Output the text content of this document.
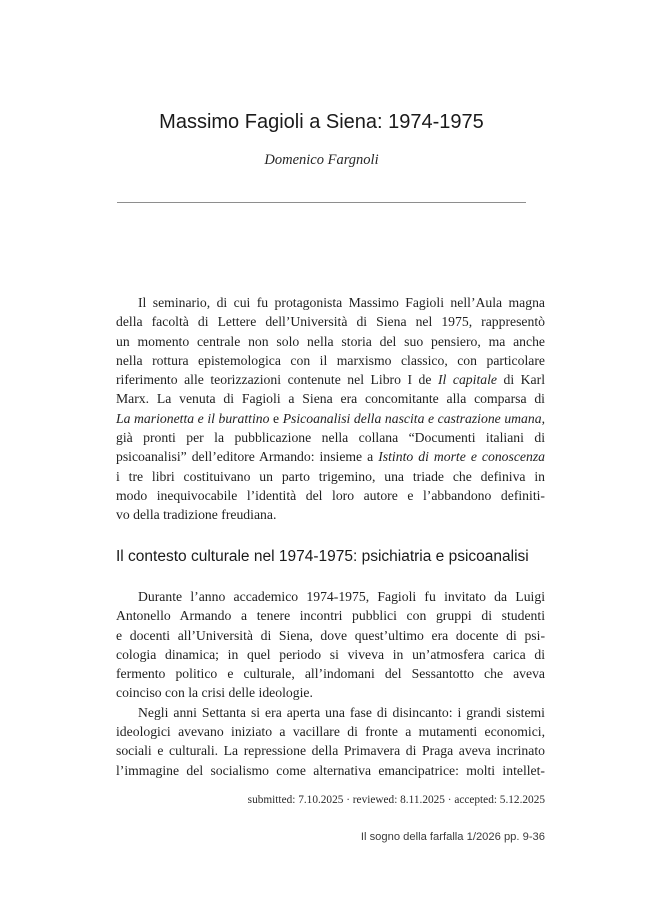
Massimo Fagioli a Siena: 1974-1975
Domenico Fargnoli
Il seminario, di cui fu protagonista Massimo Fagioli nell’Aula magna
della facoltà di Lettere dell’Università di Siena nel 1975, rappresentò
un momento centrale non solo nella storia del suo pensiero, ma anche
nella rottura epistemologica con il marxismo classico, con particolare
riferimento alle teorizzazioni contenute nel Libro I de Il capitale di Karl
Marx. La venuta di Fagioli a Siena era concomitante alla comparsa di
La marionetta e il burattino e Psicoanalisi della nascita e castrazione umana,
già pronti per la pubblicazione nella collana “Documenti italiani di
psicoanalisi” dell’editore Armando: insieme a Istinto di morte e conoscenza
i tre libri costituivano un parto trigemino, una triade che definiva in
modo inequivocabile l’identità del loro autore e l’abbandono definiti-
vo della tradizione freudiana.
Il contesto culturale nel 1974-1975: psichiatria e psicoanalisi
Durante l’anno accademico 1974-1975, Fagioli fu invitato da Luigi
Antonello Armando a tenere incontri pubblici con gruppi di studenti
e docenti all’Università di Siena, dove quest’ultimo era docente di psi-
cologia dinamica; in quel periodo si viveva in un’atmosfera carica di
fermento politico e culturale, all’indomani del Sessantotto che aveva
coinciso con la crisi delle ideologie.
Negli anni Settanta si era aperta una fase di disincanto: i grandi sistemi
ideologici avevano iniziato a vacillare di fronte a mutamenti economici,
sociali e culturali. La repressione della Primavera di Praga aveva incrinato
l’immagine del socialismo come alternativa emancipatrice: molti intellet-
submitted: 7.10.2025 · reviewed: 8.11.2025 · accepted: 5.12.2025
Il sogno della farfalla 1/2026 pp. 9-36
